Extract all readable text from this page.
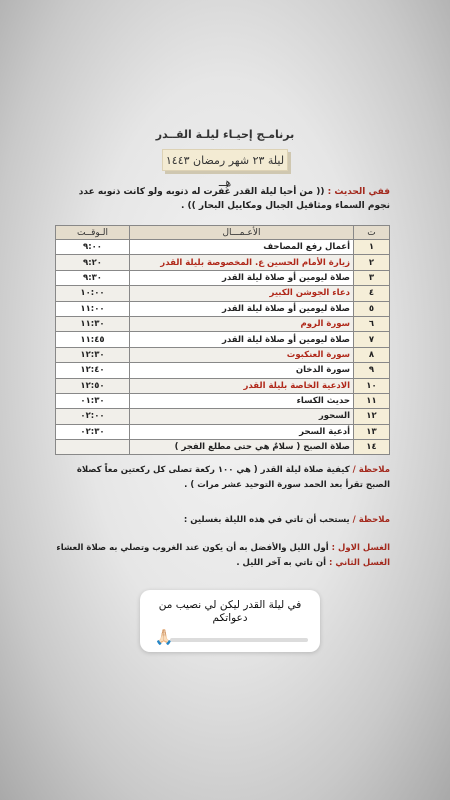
برنامـج إحيـاء ليلـة القــدر
ليلة ٢٣ شهر رمضان ١٤٤٣ هــ
ففي الحديث : (( من أحيا ليلة القدر غُفرت له ذنوبه ولو كانت ذنوبه عدد نجوم السماء ومثاقيل الجبال ومكاييل البحار )) .
ت	الأعـمـــال	الـوقــت
١	أعمال رفع المصاحف	٩:٠٠
٢	زيارة الأمام الحسين ع. المخصوصة بليلة القدر	٩:٢٠
٣	صلاة ليومين أو صلاة ليلة القدر	٩:٣٠
٤	دعاء الجوشن الكبير	١٠:٠٠
٥	صلاة ليومين أو صلاة ليلة القدر	١١:٠٠
٦	سورة الروم	١١:٣٠
٧	صلاة ليومين أو صلاة ليلة القدر	١١:٤٥
٨	سورة العنكبوت	١٢:٣٠
٩	سورة الدخان	١٢:٤٠
١٠	الادعية الخاصة بليلة القدر	١٢:٥٠
١١	حديث الكساء	٠١:٣٠
١٢	السحور	٠٢:٠٠
١٣	أدعية السحر	٠٢:٣٠
١٤	صلاة الصبح ( سلامٌ هي حتى مطلع الفجر )	
ملاحظة / كيفية صلاة ليلة القدر ( هي ١٠٠ ركعة تصلى كل ركعتين معاً كصلاة الصبح تقرأ بعد الحمد سورة التوحيد عشر مرات ) .
ملاحظة / يستحب أن تاتي في هذه الليلة بغسلين :
الغسل الاول : أول الليل والأفضل به أن يكون عند الغروب وتصلي به صلاة العشاء
الغسل الثاني : أن تاتي به آخر الليل .
في ليلة القدر ليكن لي نصيب من دعواتكم
🙏🏻
